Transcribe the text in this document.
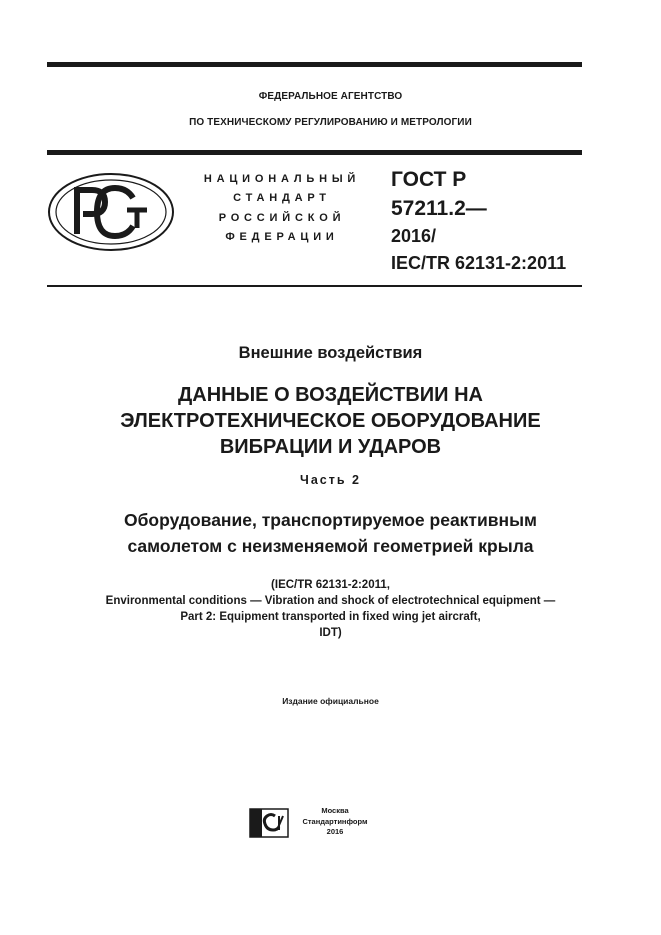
ФЕДЕРАЛЬНОЕ АГЕНТСТВО
ПО ТЕХНИЧЕСКОМУ РЕГУЛИРОВАНИЮ И МЕТРОЛОГИИ
НАЦИОНАЛЬНЫЙ
СТАНДАРТ
РОССИЙСКОЙ
ФЕДЕРАЦИИ
ГОСТ Р
57211.2—
2016/
IEC/TR 62131-2:2011
Внешние воздействия
ДАННЫЕ О ВОЗДЕЙСТВИИ НА
ЭЛЕКТРОТЕХНИЧЕСКОЕ ОБОРУДОВАНИЕ
ВИБРАЦИИ И УДАРОВ
Часть 2
Оборудование, транспортируемое реактивным
самолетом с неизменяемой геометрией крыла
(IEC/TR 62131-2:2011,
Environmental conditions — Vibration and shock of electrotechnical equipment —
Part 2: Equipment transported in fixed wing jet aircraft,
IDT)
Издание официальное
Москва
Стандартинформ
2016
